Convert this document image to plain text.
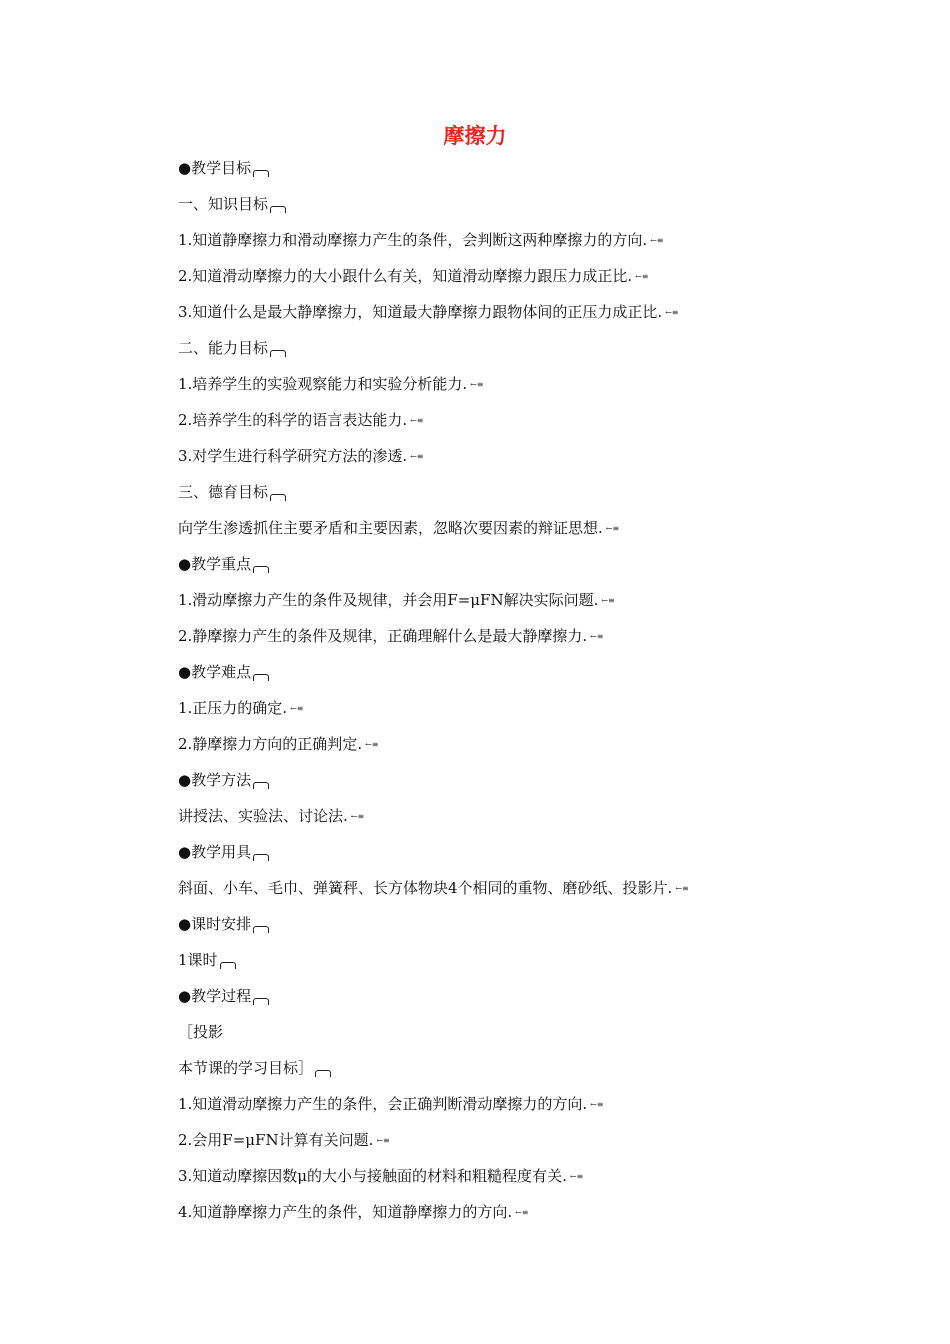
摩擦力
●教学目标
一、知识目标
1.知道静摩擦力和滑动摩擦力产生的条件，会判断这两种摩擦力的方向. ←≡
2.知道滑动摩擦力的大小跟什么有关，知道滑动摩擦力跟压力成正比. ←≡
3.知道什么是最大静摩擦力，知道最大静摩擦力跟物体间的正压力成正比. ←≡
二、能力目标
1.培养学生的实验观察能力和实验分析能力. ←≡
2.培养学生的科学的语言表达能力. ←≡
3.对学生进行科学研究方法的渗透. ←≡
三、德育目标
向学生渗透抓住主要矛盾和主要因素，忽略次要因素的辩证思想. ←≡
●教学重点
1.滑动摩擦力产生的条件及规律，并会用F=μFN解决实际问题. ←≡
2.静摩擦力产生的条件及规律，正确理解什么是最大静摩擦力. ←≡
●教学难点
1.正压力的确定. ←≡
2.静摩擦力方向的正确判定. ←≡
●教学方法
讲授法、实验法、讨论法. ←≡
●教学用具
斜面、小车、毛巾、弹簧秤、长方体物块4个相同的重物、磨砂纸、投影片. ←≡
●课时安排
1课时
●教学过程
［投影
本节课的学习目标］
1.知道滑动摩擦力产生的条件，会正确判断滑动摩擦力的方向. ←≡
2.会用F=μFN计算有关问题. ←≡
3.知道动摩擦因数μ的大小与接触面的材料和粗糙程度有关. ←≡
4.知道静摩擦力产生的条件，知道静摩擦力的方向. ←≡
